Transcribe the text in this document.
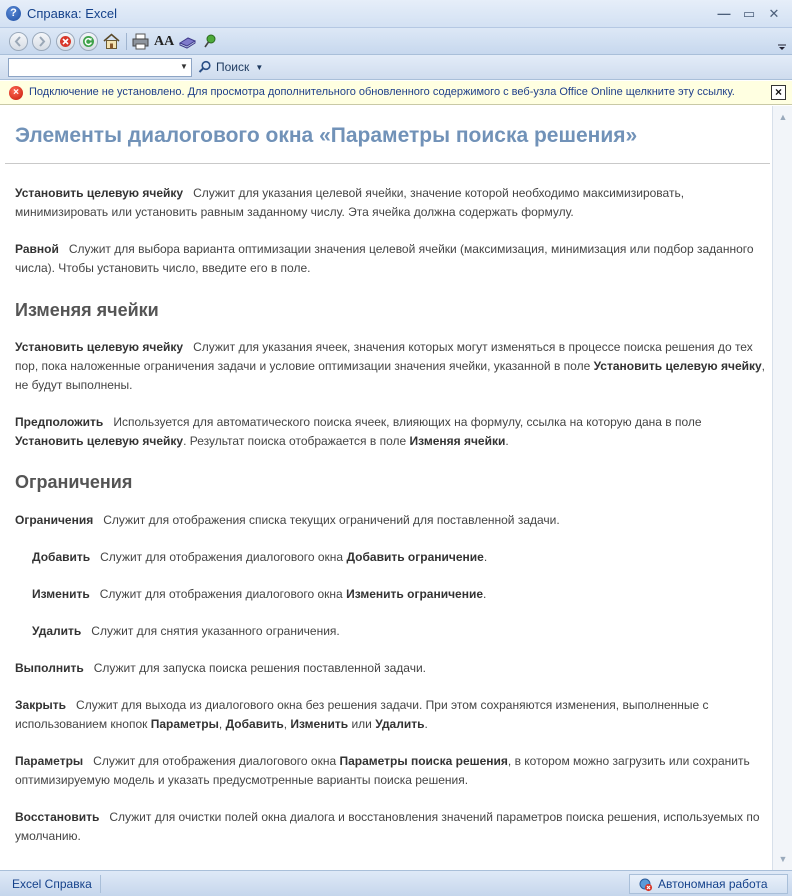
? Справка: Excel	— ▭	✕
AA
▼	Поиск ▼
× Подключение не установлено. Для просмотра дополнительного обновленного содержимого с веб-узла Office Online щелкните эту ссылку.	×
Элементы диалогового окна «Параметры поиска решения»
Установить целевую ячейку Служит для указания целевой ячейки, значение которой необходимо максимизировать, минимизировать или установить равным заданному числу. Эта ячейка должна содержать формулу.
Равной Служит для выбора варианта оптимизации значения целевой ячейки (максимизация, минимизация или подбор заданного числа). Чтобы установить число, введите его в поле.
Изменяя ячейки
Установить целевую ячейку Служит для указания ячеек, значения которых могут изменяться в процессе поиска решения до тех пор, пока наложенные ограничения задачи и условие оптимизации значения ячейки, указанной в поле Установить целевую ячейку, не будут выполнены.
Предположить Используется для автоматического поиска ячеек, влияющих на формулу, ссылка на которую дана в поле Установить целевую ячейку. Результат поиска отображается в поле Изменяя ячейки.
Ограничения
Ограничения Служит для отображения списка текущих ограничений для поставленной задачи.
Добавить Служит для отображения диалогового окна Добавить ограничение.
Изменить Служит для отображения диалогового окна Изменить ограничение.
Удалить Служит для снятия указанного ограничения.
Выполнить Служит для запуска поиска решения поставленной задачи.
Закрыть Служит для выхода из диалогового окна без решения задачи. При этом сохраняются изменения, выполненные с использованием кнопок Параметры, Добавить, Изменить или Удалить.
Параметры Служит для отображения диалогового окна Параметры поиска решения, в котором можно загрузить или сохранить оптимизируемую модель и указать предусмотренные варианты поиска решения.
Восстановить Служит для очистки полей окна диалога и восстановления значений параметров поиска решения, используемых по умолчанию.
▲
▼
Excel Справка	Автономная работа
